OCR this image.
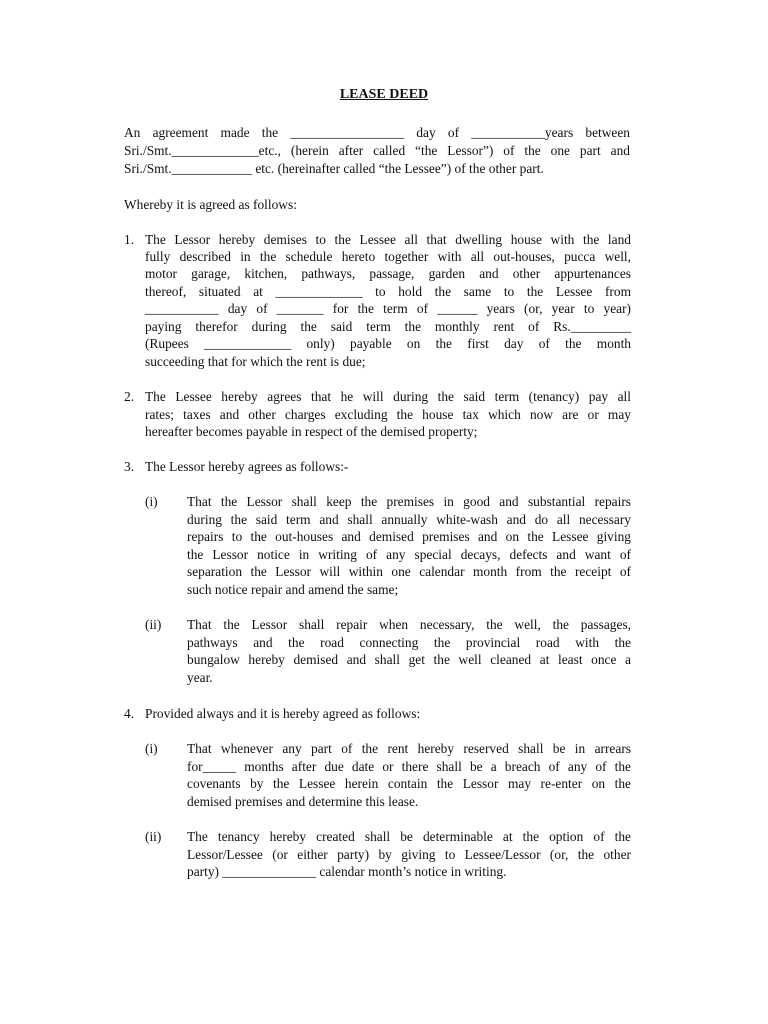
LEASE DEED
An agreement made the _________________ day of ___________years between
Sri./Smt._____________etc., (herein after called “the Lessor”) of the one part and
Sri./Smt.____________ etc. (hereinafter called “the Lessee”) of the other part.
Whereby it is agreed as follows:
1. The Lessor hereby demises to the Lessee all that dwelling house with the land
fully described in the schedule hereto together with all out-houses, pucca well,
motor garage, kitchen, pathways, passage, garden and other appurtenances
thereof, situated at _____________ to hold the same to the Lessee from
___________ day of _______ for the term of ______ years (or, year to year)
paying therefor during the said term the monthly rent of Rs._________
(Rupees _____________ only) payable on the first day of the month
succeeding that for which the rent is due;
2. The Lessee hereby agrees that he will during the said term (tenancy) pay all
rates; taxes and other charges excluding the house tax which now are or may
hereafter becomes payable in respect of the demised property;
3. The Lessor hereby agrees as follows:-
(i) That the Lessor shall keep the premises in good and substantial repairs
during the said term and shall annually white-wash and do all necessary
repairs to the out-houses and demised premises and on the Lessee giving
the Lessor notice in writing of any special decays, defects and want of
separation the Lessor will within one calendar month from the receipt of
such notice repair and amend the same;
(ii) That the Lessor shall repair when necessary, the well, the passages,
pathways and the road connecting the provincial road with the
bungalow hereby demised and shall get the well cleaned at least once a
year.
4. Provided always and it is hereby agreed as follows:
(i) That whenever any part of the rent hereby reserved shall be in arrears
for_____ months after due date or there shall be a breach of any of the
covenants by the Lessee herein contain the Lessor may re-enter on the
demised premises and determine this lease.
(ii) The tenancy hereby created shall be determinable at the option of the
Lessor/Lessee (or either party) by giving to Lessee/Lessor (or, the other
party) ______________ calendar month’s notice in writing.
